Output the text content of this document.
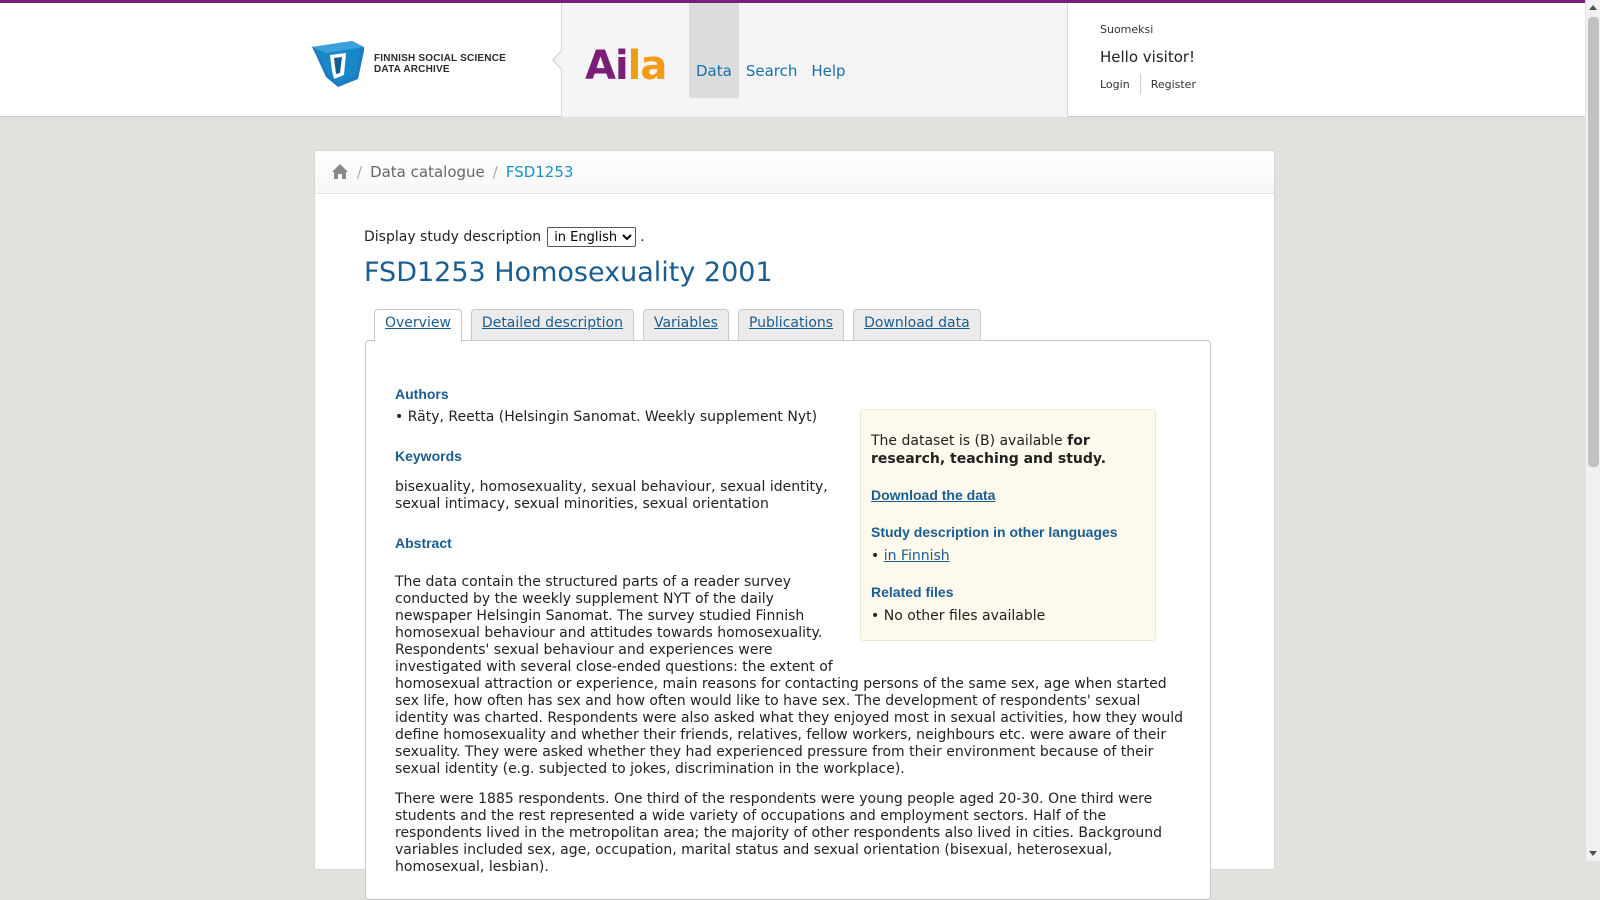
FINNISH SOCIAL SCIENCE
DATA ARCHIVE	Aila	Data Search Help
Suomeksi
Hello visitor!
Login Register
/ Data catalogue / FSD1253
Display study description
in English	.
FSD1253 Homosexuality 2001
Overview	Detailed description	Variables	Publications	Download data
Authors
• Räty, Reetta (Helsingin Sanomat. Weekly supplement Nyt)
Keywords
bisexuality, homosexuality, sexual behaviour, sexual identity, sexual intimacy, sexual minorities, sexual orientation
Abstract
The dataset is (B) available for research, teaching and study.
Download the data
Study description in other languages
• in Finnish
Related files
• No other files available

The data contain the structured parts of a reader survey conducted by the weekly supplement NYT of the daily newspaper Helsingin Sanomat. The survey studied Finnish homosexual behaviour and attitudes towards homosexuality. Respondents' sexual behaviour and experiences were investigated with several close-ended questions: the extent of homosexual attraction or experience, main reasons for contacting persons of the same sex, age when started sex life, how often has sex and how often would like to have sex. The development of respondents' sexual identity was charted. Respondents were also asked what they enjoyed most in sexual activities, how they would define homosexuality and whether their friends, relatives, fellow workers, neighbours etc. were aware of their sexuality. They were asked whether they had experienced pressure from their environment because of their sexual identity (e.g. subjected to jokes, discrimination in the workplace).

There were 1885 respondents. One third of the respondents were young people aged 20-30. One third were students and the rest represented a wide variety of occupations and employment sectors. Half of the respondents lived in the metropolitan area; the majority of other respondents also lived in cities. Background variables included sex, age, occupation, marital status and sexual orientation (bisexual, heterosexual, homosexual, lesbian).
